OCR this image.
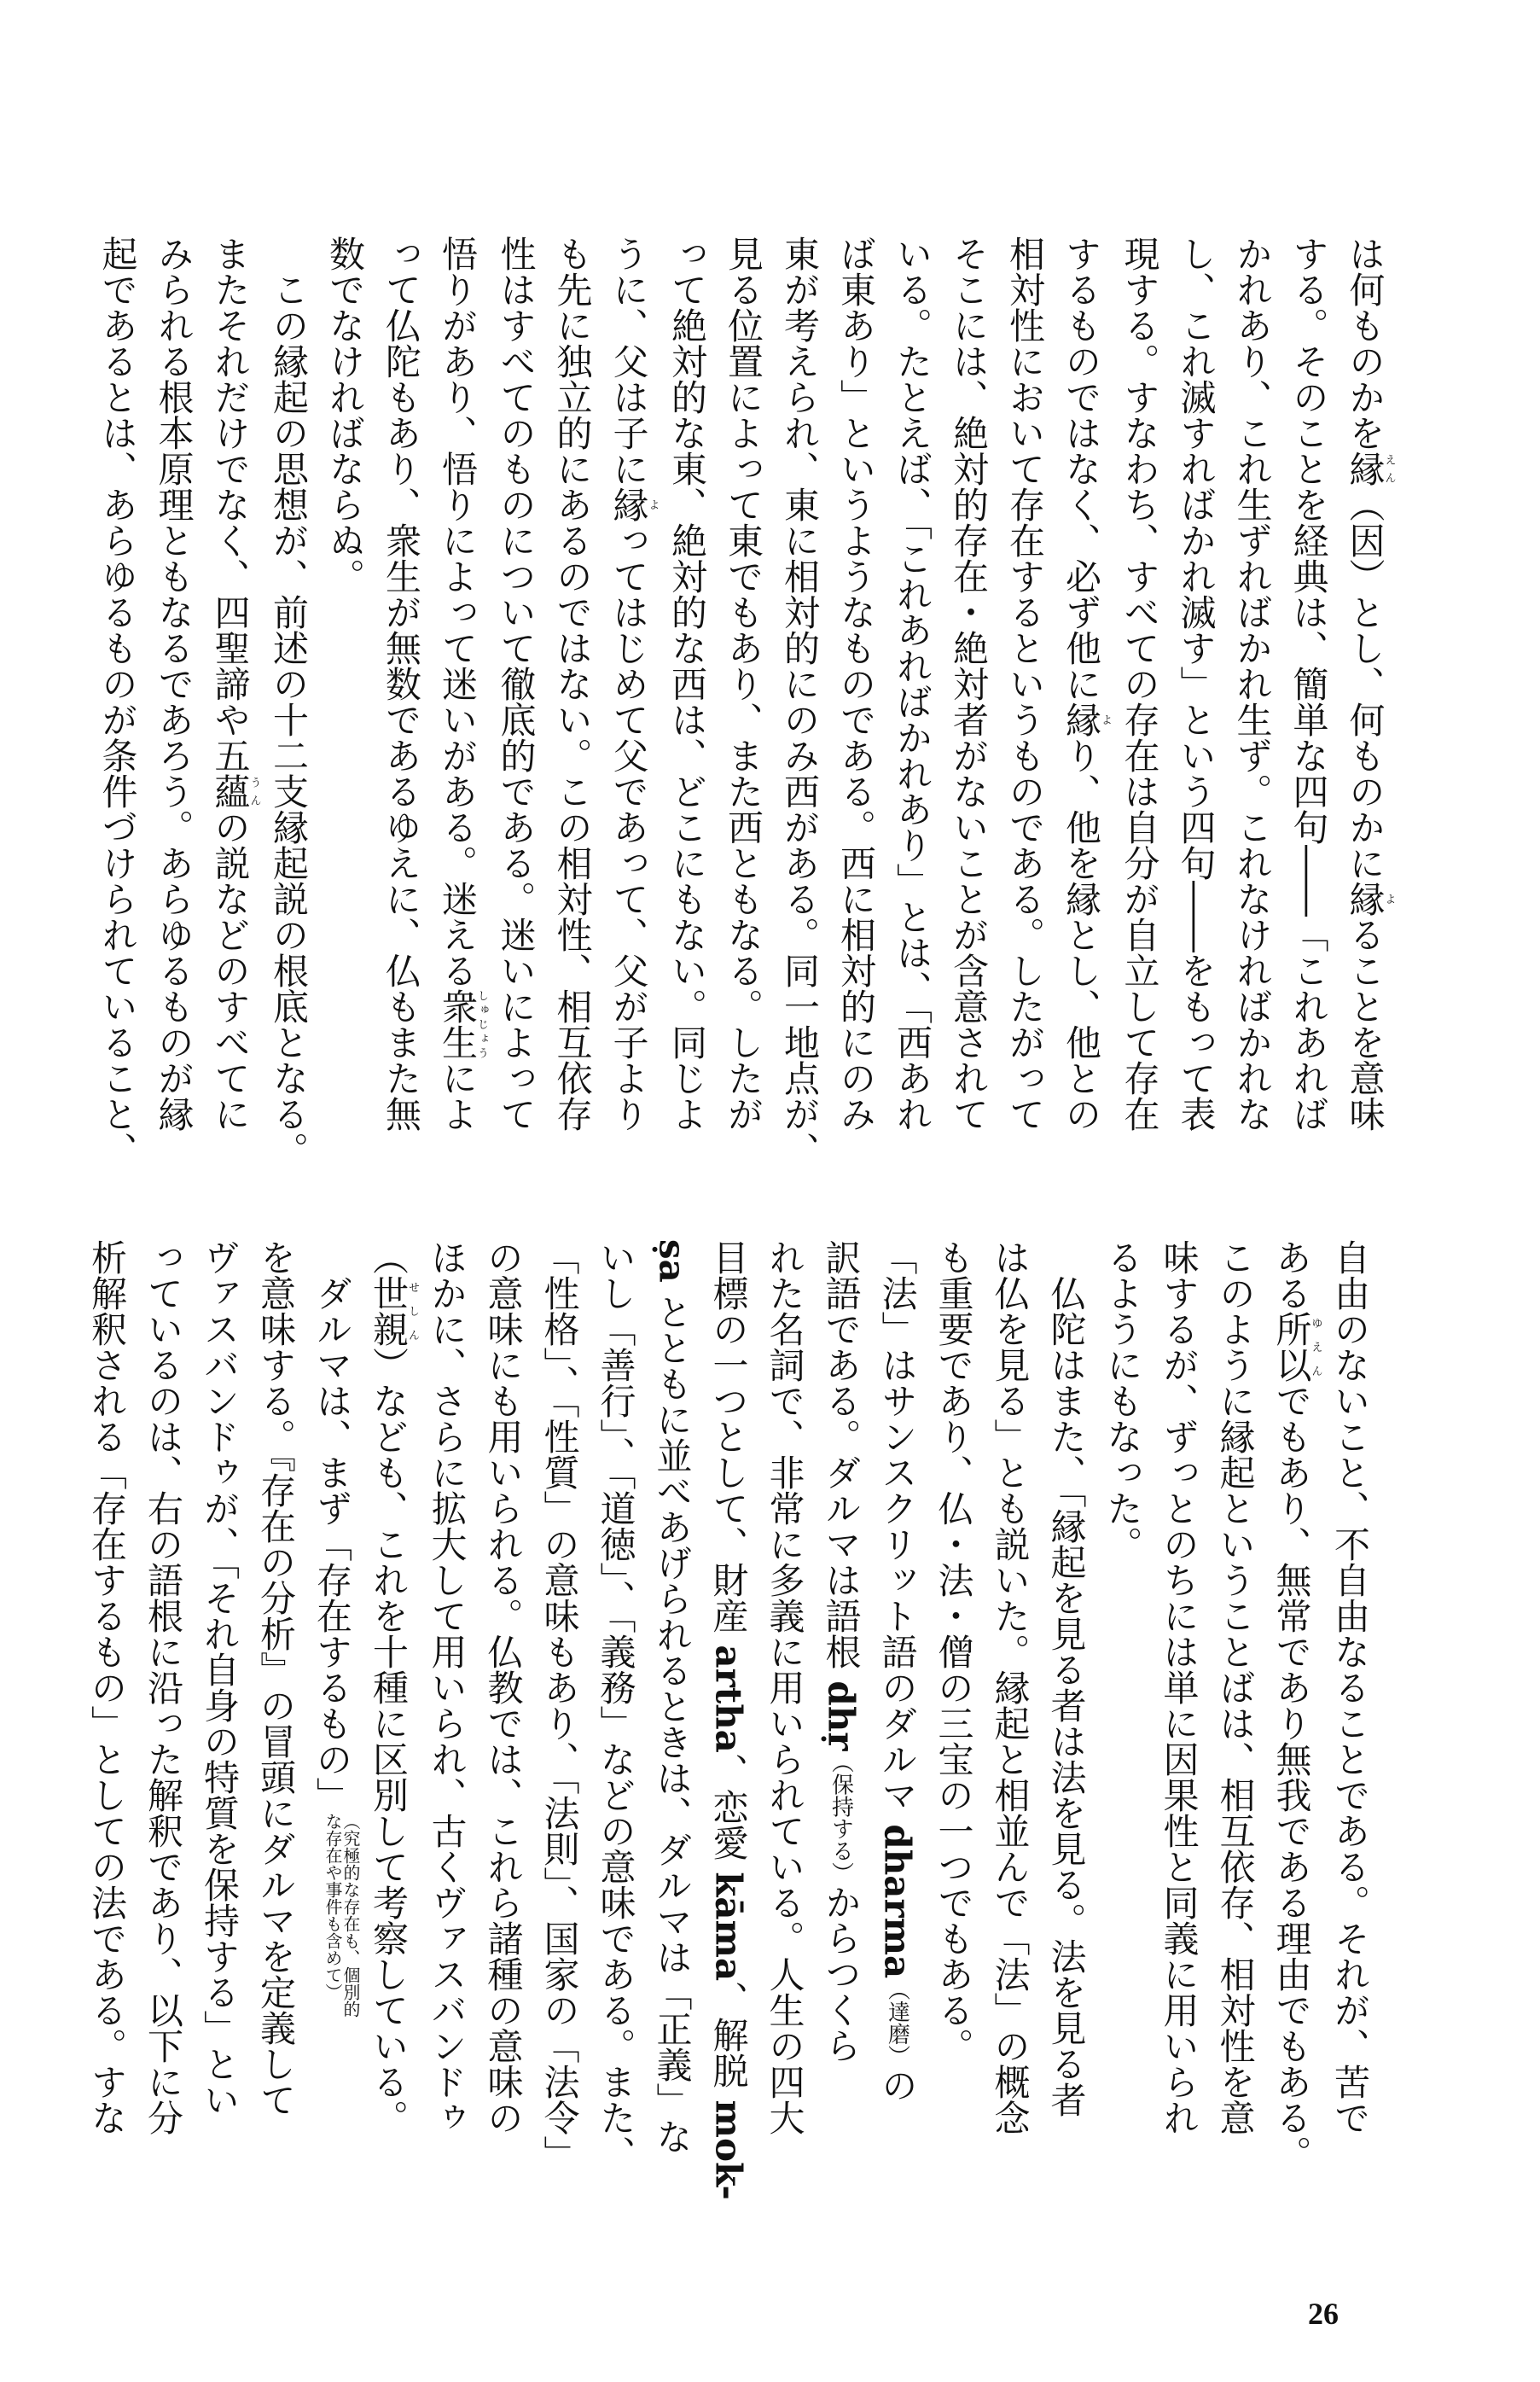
は何ものかを縁えん（因）とし、何ものかに縁よることを意味
する。そのことを経典は、簡単な四句――「これあれば
かれあり、これ生ずればかれ生ず。これなければかれな
し、これ滅すればかれ滅す」という四句――をもって表
現する。すなわち、すべての存在は自分が自立して存在
するものではなく、必ず他に縁より、他を縁とし、他との
相対性において存在するというものである。したがって
そこには、絶対的存在・絶対者がないことが含意されて
いる。たとえば、「これあればかれあり」とは、「西あれ
ば東あり」というようなものである。西に相対的にのみ
東が考えられ、東に相対的にのみ西がある。同一地点が、
見る位置によって東でもあり、また西ともなる。したが
って絶対的な東、絶対的な西は、どこにもない。同じよ
うに、父は子に縁よってはじめて父であって、父が子より
も先に独立的にあるのではない。この相対性、相互依存
性はすべてのものについて徹底的である。迷いによって
悟りがあり、悟りによって迷いがある。迷える衆生しゅじょうによ
って仏陀もあり、衆生が無数であるゆえに、仏もまた無
数でなければならぬ。
　この縁起の思想が、前述の十二支縁起説の根底となる。
またそれだけでなく、四聖諦や五蘊うんの説などのすべてに
みられる根本原理ともなるであろう。あらゆるものが縁
起であるとは、あらゆるものが条件づけられていること、
自由のないこと、不自由なることである。それが、苦で
ある所以ゆえんでもあり、無常であり無我である理由でもある。
このように縁起ということばは、相互依存、相対性を意
味するが、ずっとのちには単に因果性と同義に用いられ
るようにもなった。
　仏陀はまた、「縁起を見る者は法を見る。法を見る者
は仏を見る」とも説いた。縁起と相並んで「法」の概念
も重要であり、仏・法・僧の三宝の一つでもある。
「法」はサンスクリット語のダルマ dharma（達磨）の
訳語である。ダルマは語根 dhṛ（保持する）からつくら
れた名詞で、非常に多義に用いられている。人生の四大
目標の一つとして、財産 artha、恋愛 kāma、解脱 mok-
ṣa とともに並べあげられるときは、ダルマは「正義」な
いし「善行」、「道徳」、「義務」などの意味である。また、
「性格」、「性質」の意味もあり、「法則」、国家の「法令」
の意味にも用いられる。仏教では、これら諸種の意味の
ほかに、さらに拡大して用いられ、古くヴァスバンドゥ
（世親せしん）なども、これを十種に区別して考察している。
　ダルマは、まず「存在するもの」
（究極的な存在も、個別的
な存在や事件も含めて）
を意味する。『存在の分析』の冒頭にダルマを定義して
ヴァスバンドゥが、「それ自身の特質を保持する」とい
っているのは、右の語根に沿った解釈であり、以下に分
析解釈される「存在するもの」としての法である。すな
26
